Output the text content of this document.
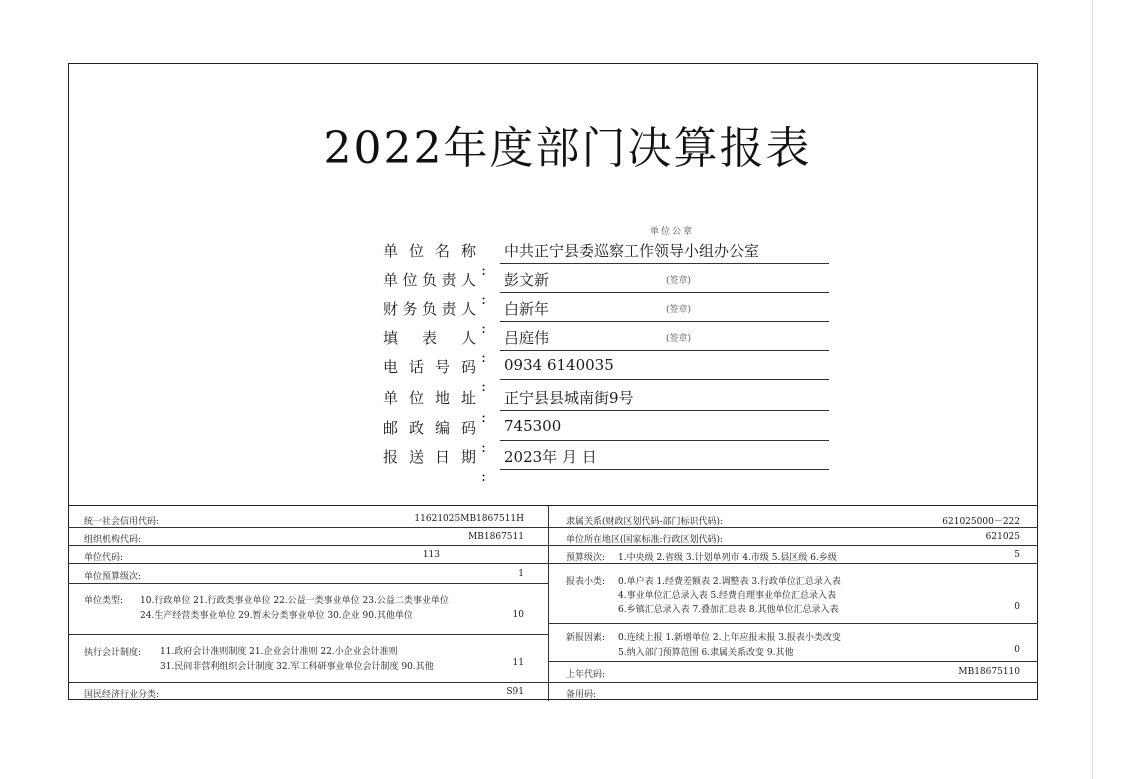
2022年度部门决算报表
单位公章
单 位 名 称
:
中共正宁县委巡察工作领导小组办公室
单 位 负 责 人
:
彭文新	(签章)
财 务 负 责 人
:
白新年	(签章)
填 表 人
:
吕庭伟	(签章)
电 话 号 码
:
0934 6140035
单 位 地 址
:
正宁县县城南街9号
邮 政 编 码
:
745300
报 送 日 期
:
2023年 月 日
统一社会信用代码:	11621025MB1867511H
组织机构代码:	MB1867511
单位代码:	113
单位预算级次:	1
单位类型: 10.行政单位 21.行政类事业单位 22.公益一类事业单位 23.公益二类事业单位
24.生产经营类事业单位 29.暂未分类事业单位 30.企业 90.其他单位	10
执行会计制度: 11.政府会计准则制度 21.企业会计准则 22.小企业会计准则
31.民间非营利组织会计制度 32.军工科研事业单位会计制度 90.其他	11
国民经济行业分类:	S91
隶属关系(财政区划代码-部门标识代码):	621025000－222
单位所在地区(国家标准:行政区划代码):	621025
预算级次: 1.中央级 2.省级 3.计划单列市 4.市级 5.县区级 6.乡级	5
报表小类: 0.单户表 1.经费差额表 2.调整表 3.行政单位汇总录入表
4.事业单位汇总录入表 5.经费自理事业单位汇总录入表
6.乡镇汇总录入表 7.叠加汇总表 8.其他单位汇总录入表	0
新报因素: 0.连续上报 1.新增单位 2.上年应报未报 3.报表小类改变
5.纳入部门预算范围 6.隶属关系改变 9.其他	0
上年代码:	MB18675110
备用码:
